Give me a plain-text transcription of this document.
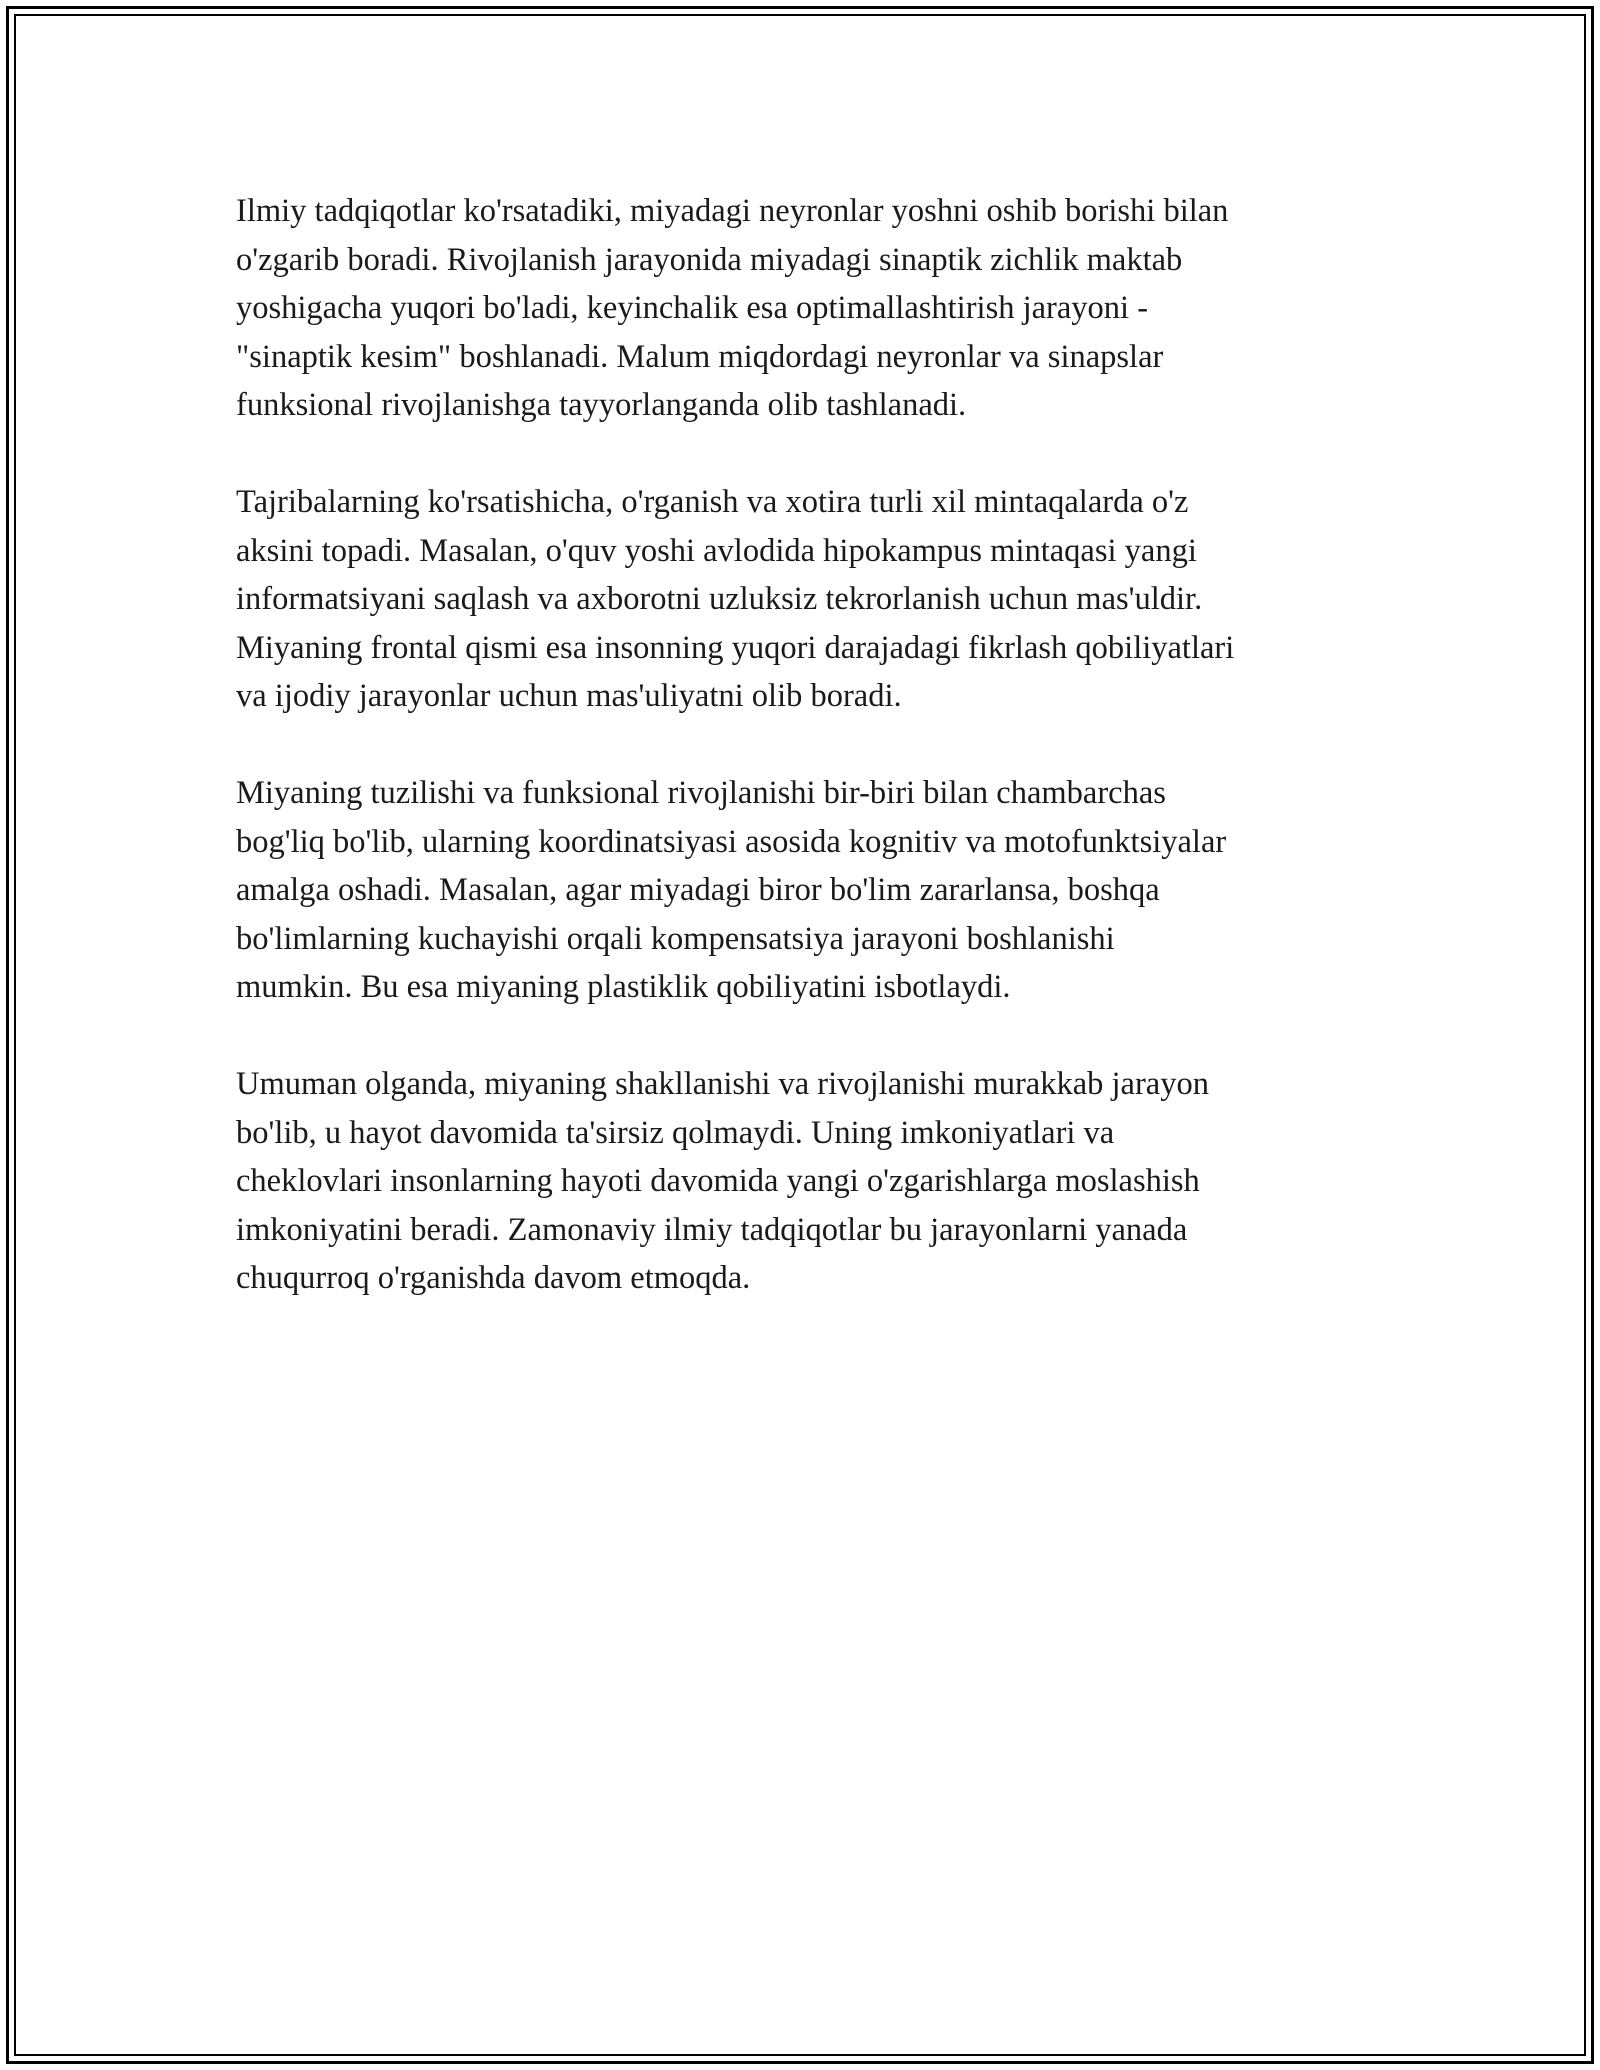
Ilmiy tadqiqotlar ko'rsatadiki, miyadagi neyronlar yoshni oshib borishi bilan
o'zgarib boradi. Rivojlanish jarayonida miyadagi sinaptik zichlik maktab
yoshigacha yuqori bo'ladi, keyinchalik esa optimallashtirish jarayoni -
"sinaptik kesim" boshlanadi. Malum miqdordagi neyronlar va sinapslar
funksional rivojlanishga tayyorlanganda olib tashlanadi.

Tajribalarning ko'rsatishicha, o'rganish va xotira turli xil mintaqalarda o'z
aksini topadi. Masalan, o'quv yoshi avlodida hipokampus mintaqasi yangi
informatsiyani saqlash va axborotni uzluksiz tekrorlanish uchun mas'uldir.
Miyaning frontal qismi esa insonning yuqori darajadagi fikrlash qobiliyatlari
va ijodiy jarayonlar uchun mas'uliyatni olib boradi.

Miyaning tuzilishi va funksional rivojlanishi bir-biri bilan chambarchas
bog'liq bo'lib, ularning koordinatsiyasi asosida kognitiv va motofunktsiyalar
amalga oshadi. Masalan, agar miyadagi biror bo'lim zararlansa, boshqa
bo'limlarning kuchayishi orqali kompensatsiya jarayoni boshlanishi
mumkin. Bu esa miyaning plastiklik qobiliyatini isbotlaydi.

Umuman olganda, miyaning shakllanishi va rivojlanishi murakkab jarayon
bo'lib, u hayot davomida ta'sirsiz qolmaydi. Uning imkoniyatlari va
cheklovlari insonlarning hayoti davomida yangi o'zgarishlarga moslashish
imkoniyatini beradi. Zamonaviy ilmiy tadqiqotlar bu jarayonlarni yanada
chuqurroq o'rganishda davom etmoqda.
